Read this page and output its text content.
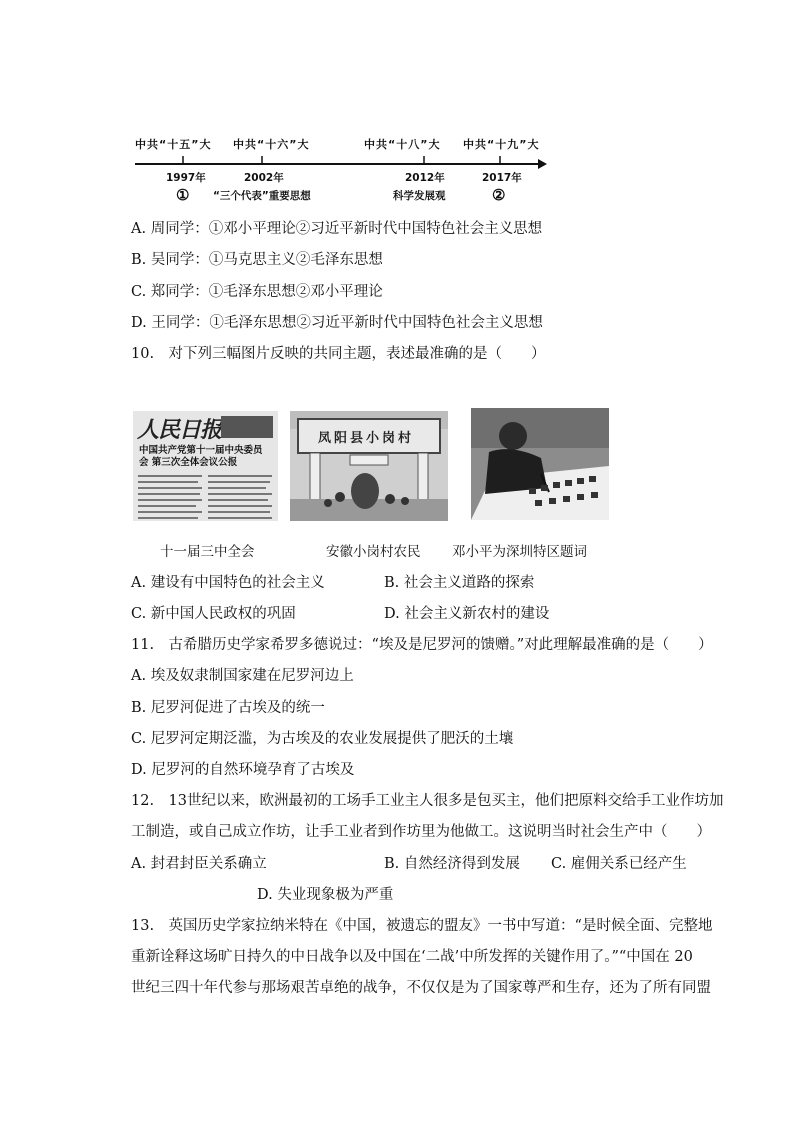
中共“十五”大 中共“十六”大	中共“十八”大 中共“十九”大
1997年	2002年	2012年	2017年
① “三个代表”重要思想	科学发展观	②
A. 周同学：①邓小平理论②习近平新时代中国特色社会主义思想
B. 吴同学：①马克思主义②毛泽东思想
C. 郑同学：①毛泽东思想②邓小平理论
D. 王同学：①毛泽东思想②习近平新时代中国特色社会主义思想
10.　对下列三幅图片反映的共同主题，表述最准确的是（　　）
人民日报
中国共产党第十一届中央委员会 第三次全体会议公报
凤阳县小岗村
十一届三中全会	安徽小岗村农民 邓小平为深圳特区题词
A. 建设有中国特色的社会主义	B. 社会主义道路的探索
C. 新中国人民政权的巩固	D. 社会主义新农村的建设
11.　古希腊历史学家希罗多德说过：“埃及是尼罗河的馈赠。”对此理解最准确的是（　　）
A. 埃及奴隶制国家建在尼罗河边上
B. 尼罗河促进了古埃及的统一
C. 尼罗河定期泛滥，为古埃及的农业发展提供了肥沃的土壤
D. 尼罗河的自然环境孕育了古埃及
12.　13世纪以来，欧洲最初的工场手工业主人很多是包买主，他们把原料交给手工业作坊加
工制造，或自己成立作坊，让手工业者到作坊里为他做工。这说明当时社会生产中（　　）
A. 封君封臣关系确立	B. 自然经济得到发展 C. 雇佣关系已经产生
D. 失业现象极为严重
13.　英国历史学家拉纳米特在《中国，被遗忘的盟友》一书中写道：“是时候全面、完整地
重新诠释这场旷日持久的中日战争以及中国在‘二战’中所发挥的关键作用了。”“中国在 20
世纪三四十年代参与那场艰苦卓绝的战争，不仅仅是为了国家尊严和生存，还为了所有同盟
